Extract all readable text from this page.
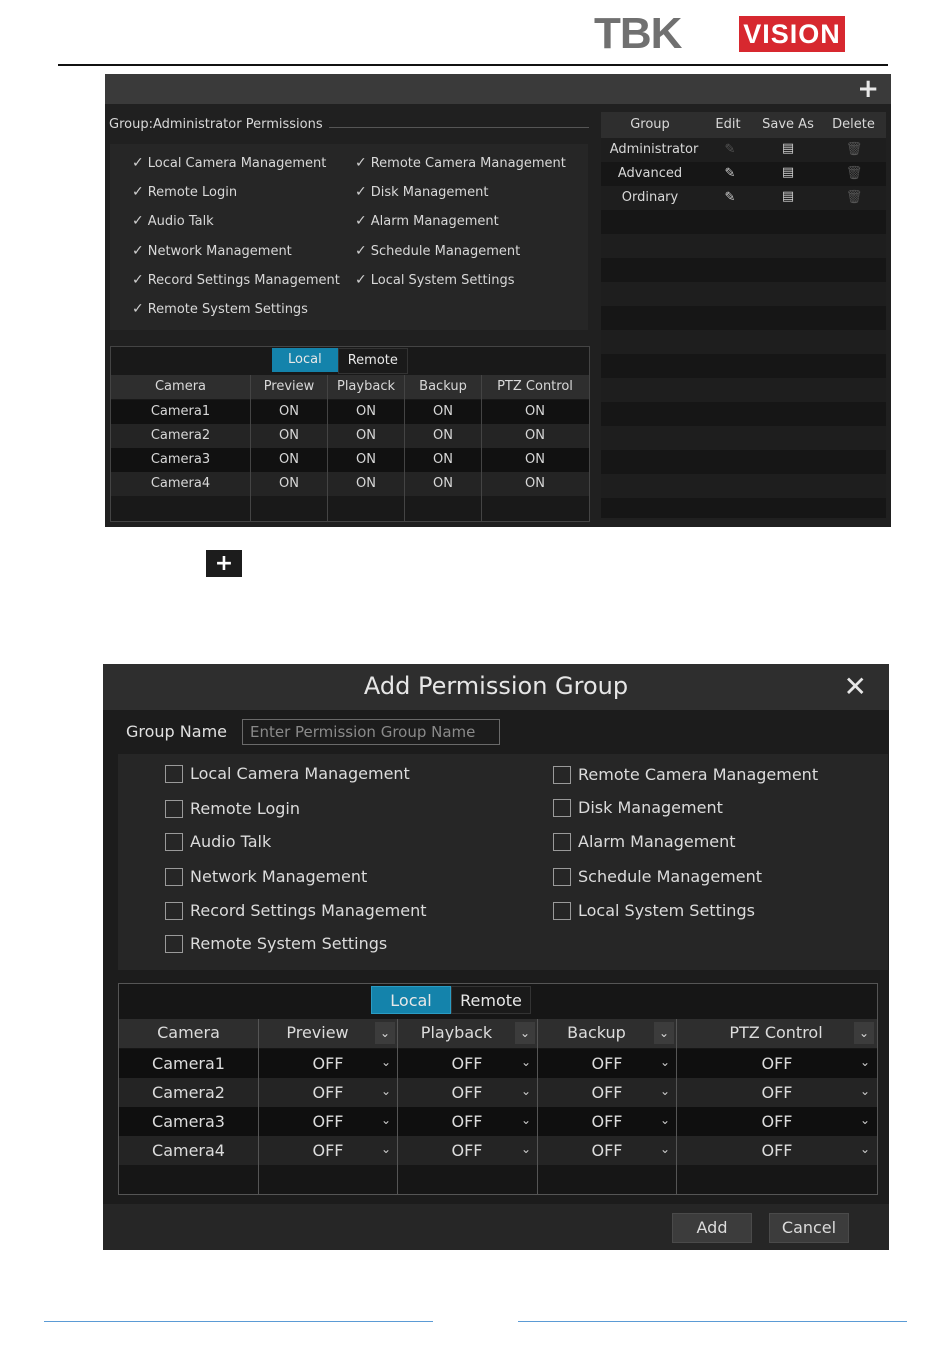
TBK VISION
+
Group:Administrator Permissions
✓ Local Camera Management ✓ Remote Camera Management
✓ Remote Login	✓ Disk Management
✓ Audio Talk	✓ Alarm Management
✓ Network Management	✓ Schedule Management
✓ Record Settings Management ✓ Local System Settings
✓ Remote System Settings
Local	Remote
Camera	Preview	Playback	Backup	PTZ Control
Camera1	ON	ON	ON	ON
Camera2	ON	ON	ON	ON
Camera3	ON	ON	ON	ON
Camera4	ON	ON	ON	ON
Group	Edit	Save As	Delete
Administrator	✎	▤	🗑
Advanced	✎	▤	🗑
Ordinary	✎	▤	🗑
+
Add Permission Group	✕
Group Name
Enter Permission Group Name
Local Camera Management	Remote Camera Management
Remote Login	Disk Management
Audio Talk	Alarm Management
Network Management	Schedule Management
Record Settings Management	Local System Settings
Remote System Settings
Local	Remote
Camera	Preview	⌄	Playback	⌄	Backup	⌄	PTZ Control	⌄
Camera1	OFF	⌄	OFF	⌄	OFF	⌄	OFF	⌄
Camera2	OFF	⌄	OFF	⌄	OFF	⌄	OFF	⌄
Camera3	OFF	⌄	OFF	⌄	OFF	⌄	OFF	⌄
Camera4	OFF	⌄	OFF	⌄	OFF	⌄	OFF	⌄
Add	Cancel
